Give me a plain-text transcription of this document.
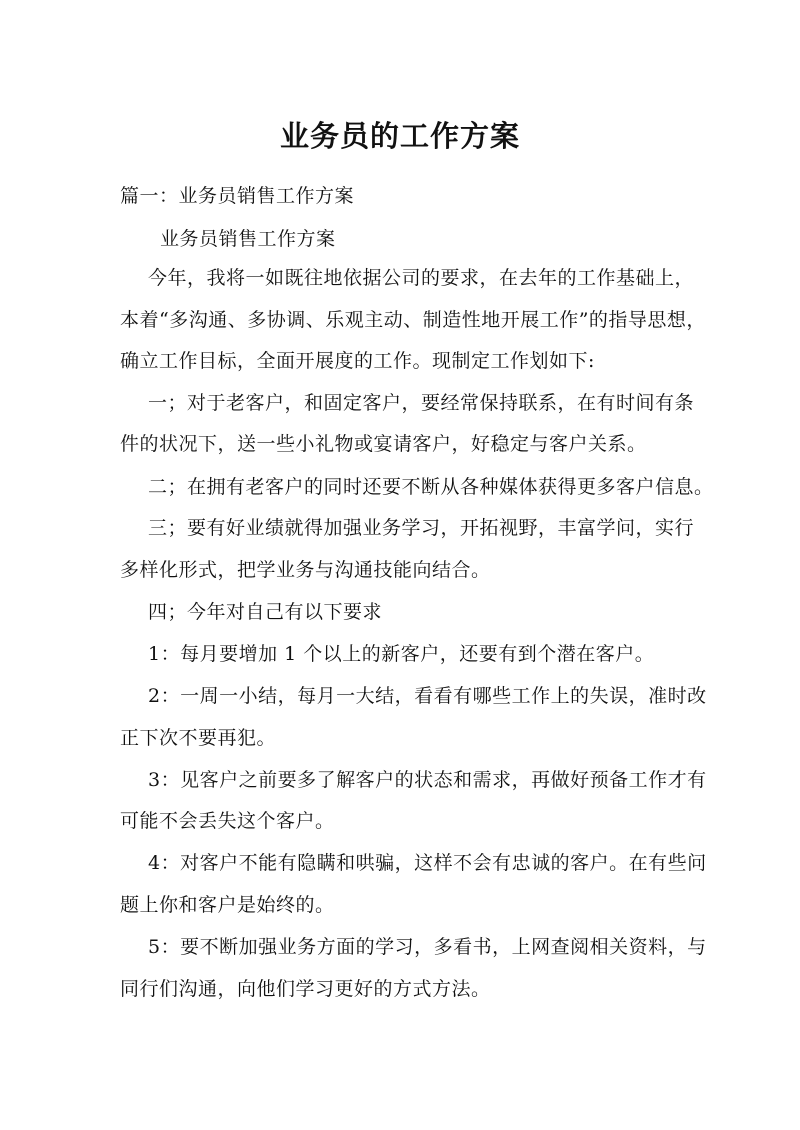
业务员的工作方案
篇一：业务员销售工作方案
业务员销售工作方案
今年，我将一如既往地依据公司的要求，在去年的工作基础上，
本着“多沟通、多协调、乐观主动、制造性地开展工作”的指导思想，
确立工作目标，全面开展度的工作。现制定工作划如下:
一；对于老客户，和固定客户，要经常保持联系，在有时间有条
件的状况下，送一些小礼物或宴请客户，好稳定与客户关系。
二；在拥有老客户的同时还要不断从各种媒体获得更多客户信息。
三；要有好业绩就得加强业务学习，开拓视野，丰富学问，实行
多样化形式，把学业务与沟通技能向结合。
四；今年对自己有以下要求
1：每月要增加 1 个以上的新客户，还要有到个潜在客户。
2：一周一小结，每月一大结，看看有哪些工作上的失误，准时改
正下次不要再犯。
3：见客户之前要多了解客户的状态和需求，再做好预备工作才有
可能不会丢失这个客户。
4：对客户不能有隐瞒和哄骗，这样不会有忠诚的客户。在有些问
题上你和客户是始终的。
5：要不断加强业务方面的学习，多看书，上网查阅相关资料，与
同行们沟通，向他们学习更好的方式方法。
